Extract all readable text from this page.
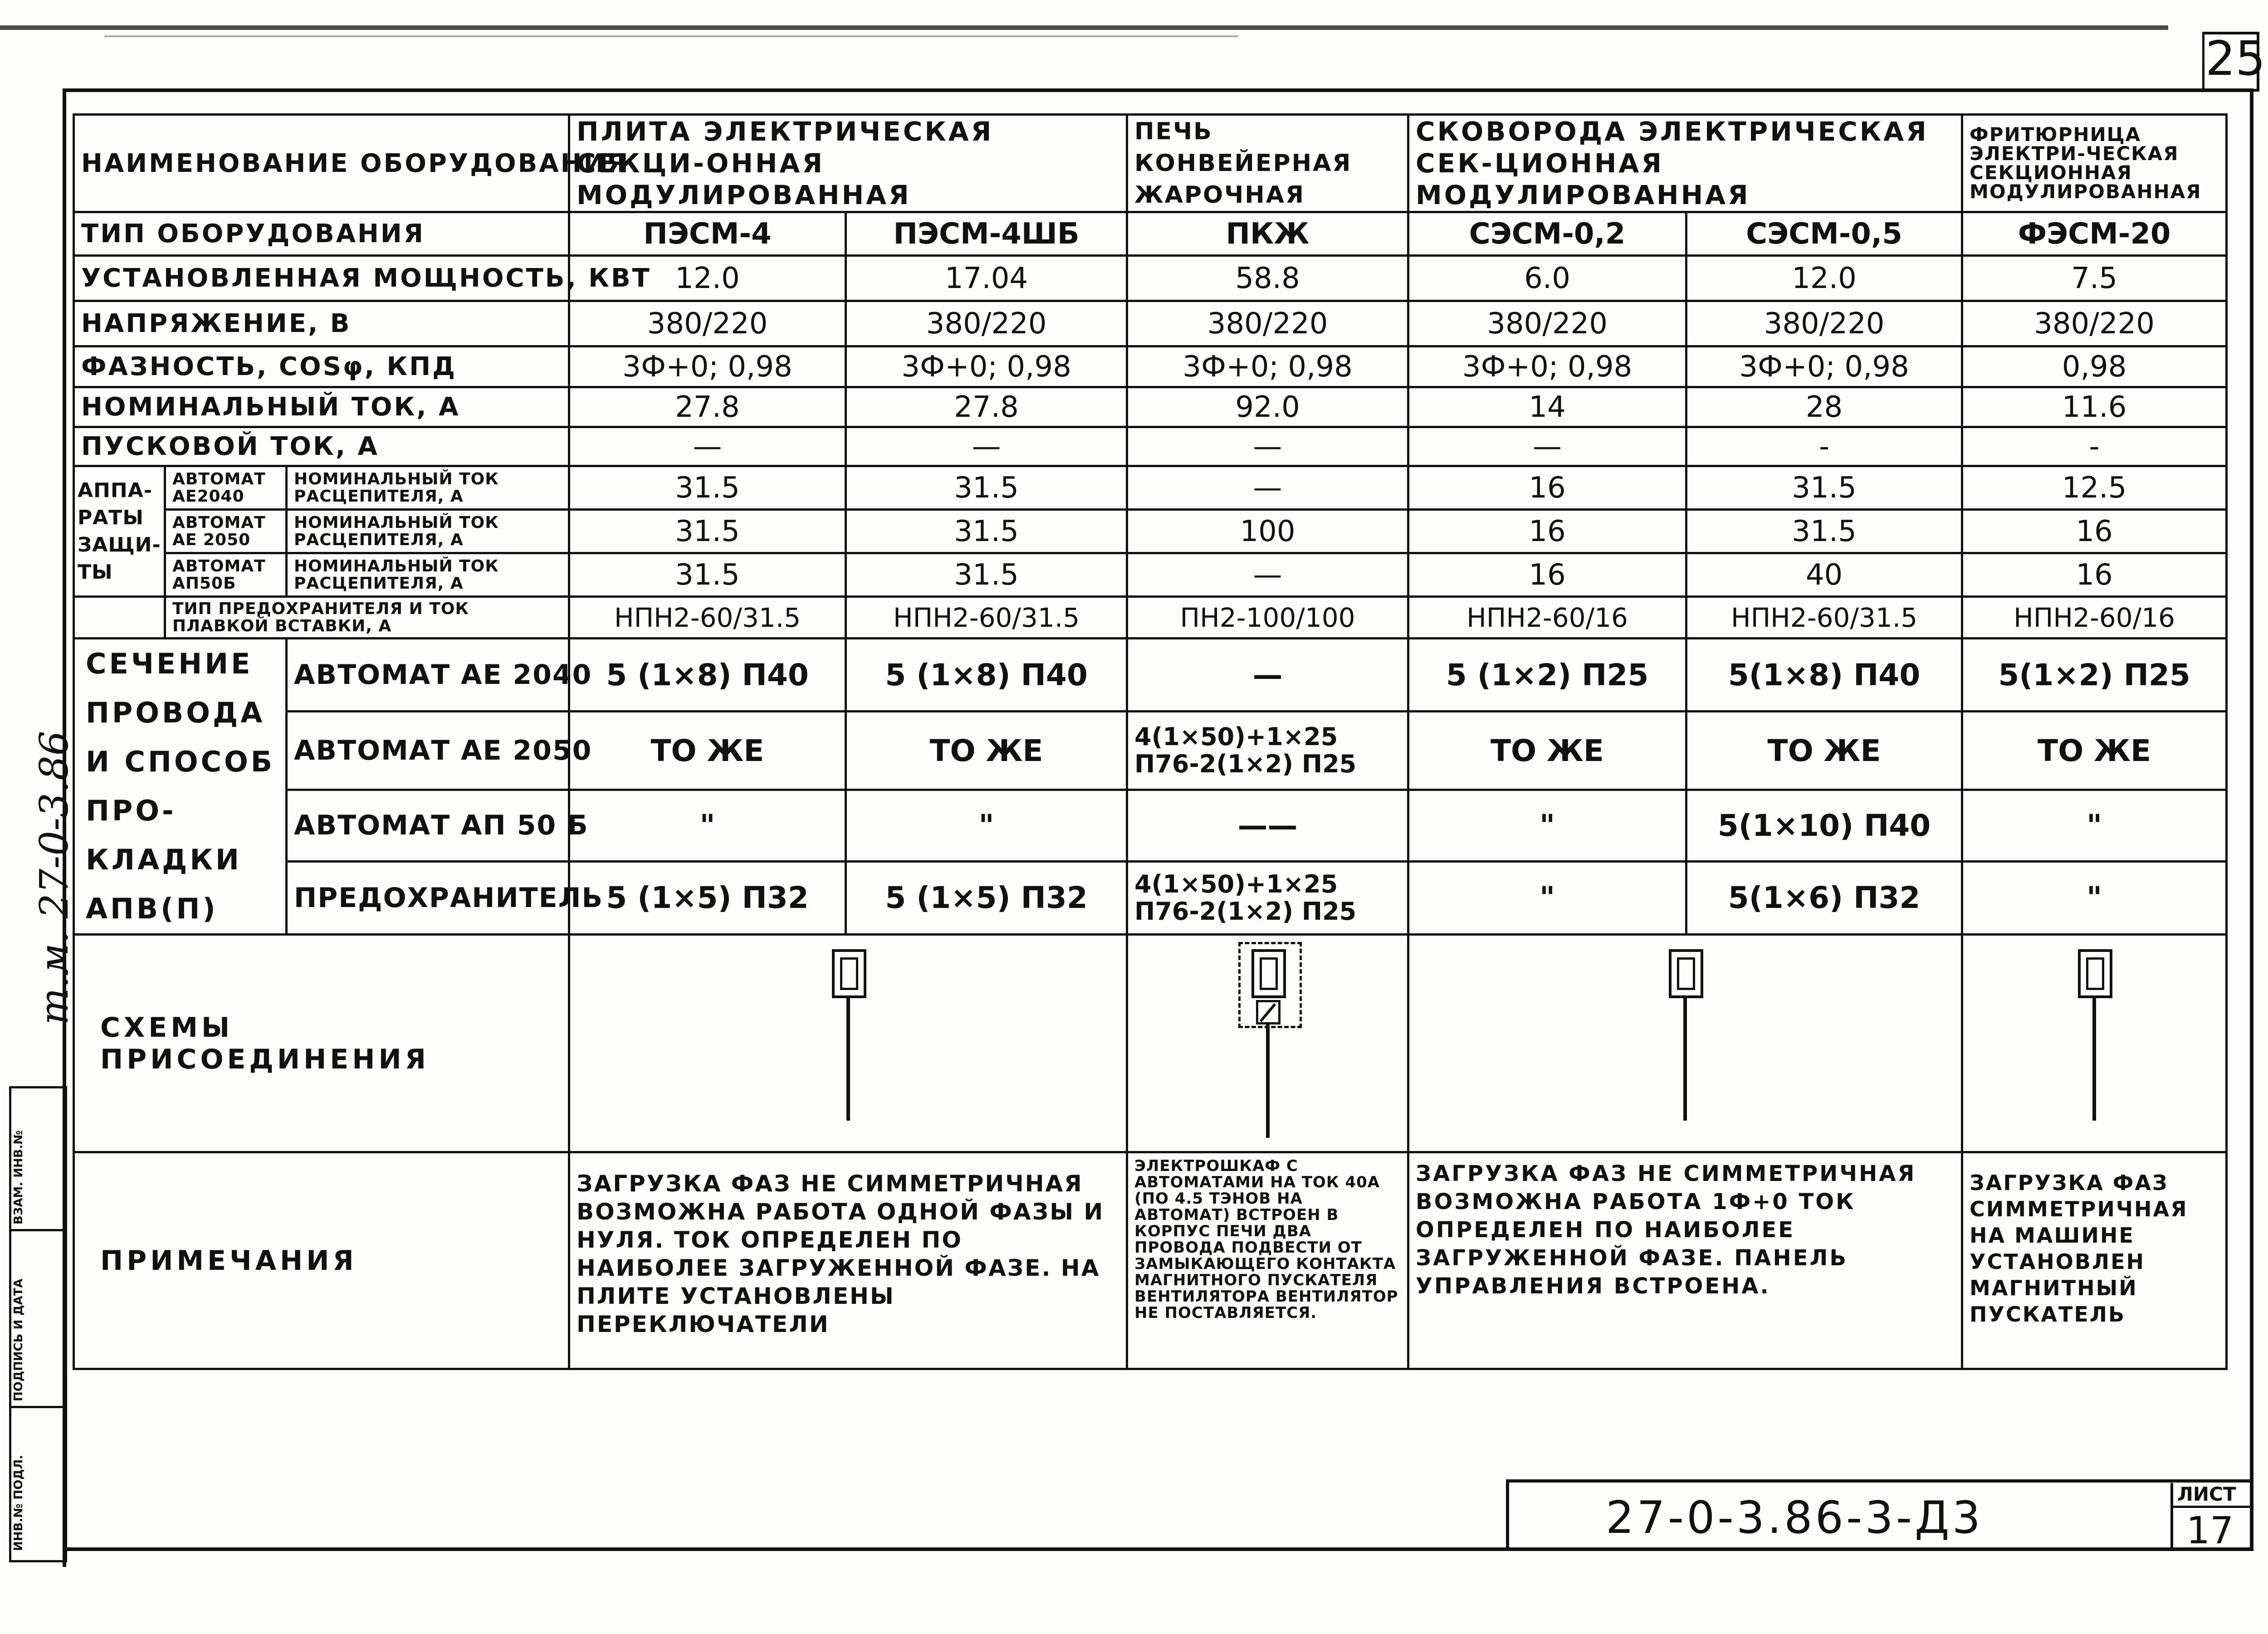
25
т.м. 27-0-3.86
ИНВ.№ ПОДЛ.
ПОДПИСЬ И ДАТА
ВЗАМ. ИНВ.№
НАИМЕНОВАНИЕ ОБОРУДОВАНИЯ			ПЛИТА ЭЛЕКТРИЧЕСКАЯ СЕКЦИ-ОННАЯ МОДУЛИРОВАННАЯ		ПЕЧЬ КОНВЕЙЕРНАЯ ЖАРОЧНАЯ	СКОВОРОДА ЭЛЕКТРИЧЕСКАЯ СЕК-ЦИОННАЯ МОДУЛИРОВАННАЯ		ФРИТЮРНИЦА ЭЛЕКТРИ-ЧЕСКАЯ СЕКЦИОННАЯ МОДУЛИРОВАННАЯ
ТИП ОБОРУДОВАНИЯ			ПЭСМ-4	ПЭСМ-4ШБ	ПКЖ	СЭСМ-0,2	СЭСМ-0,5	ФЭСМ-20
УСТАНОВЛЕННАЯ МОЩНОСТЬ, КВТ			12.0	17.04	58.8	6.0	12.0	7.5
НАПРЯЖЕНИЕ, В			380/220	380/220	380/220	380/220	380/220	380/220
ФАЗНОСТЬ, COSφ, КПД			3Ф+0; 0,98	3Ф+0; 0,98	3Ф+0; 0,98	3Ф+0; 0,98	3Ф+0; 0,98	0,98
НОМИНАЛЬНЫЙ ТОК, А			27.8	27.8	92.0	14	28	11.6
ПУСКОВОЙ ТОК, А			—	—	—	—	-	-
АППА-РАТЫ ЗАЩИ-ТЫ	АВТОМАТ АЕ2040	НОМИНАЛЬНЫЙ ТОК РАСЦЕПИТЕЛЯ, А	31.5	31.5	—	16	31.5	12.5
	АВТОМАТ АЕ 2050	НОМИНАЛЬНЫЙ ТОК РАСЦЕПИТЕЛЯ, А	31.5	31.5	100	16	31.5	16
	АВТОМАТ АП50Б	НОМИНАЛЬНЫЙ ТОК РАСЦЕПИТЕЛЯ, А	31.5	31.5	—	16	40	16
	ТИП ПРЕДОХРАНИТЕЛЯ И ТОК ПЛАВКОЙ ВСТАВКИ, А		НПН2-60/31.5	НПН2-60/31.5	ПН2-100/100	НПН2-60/16	НПН2-60/31.5	НПН2-60/16
СЕЧЕНИЕ ПРОВОДА И СПОСОБ ПРО-КЛАДКИ АПВ(П)		АВТОМАТ АЕ 2040	5 (1×8) П40	5 (1×8) П40	—	5 (1×2) П25	5(1×8) П40	5(1×2) П25
		АВТОМАТ АЕ 2050	ТО ЖЕ	ТО ЖЕ	4(1×50)+1×25 П76-2(1×2) П25	ТО ЖЕ	ТО ЖЕ	ТО ЖЕ
		АВТОМАТ АП 50 Б	"	"	——	"	5(1×10) П40	"
		ПРЕДОХРАНИТЕЛЬ	5 (1×5) П32	5 (1×5) П32	4(1×50)+1×25 П76-2(1×2) П25	"	5(1×6) П32	"
СХЕМЫ ПРИСОЕДИНЕНИЯ					

ПРИМЕЧАНИЯ			ЗАГРУЗКА ФАЗ НЕ СИММЕТРИЧНАЯ ВОЗМОЖНА РАБОТА ОДНОЙ ФАЗЫ И НУЛЯ. ТОК ОПРЕДЕЛЕН ПО НАИБОЛЕЕ ЗАГРУЖЕННОЙ ФАЗЕ. НА ПЛИТЕ УСТАНОВЛЕНЫ ПЕРЕКЛЮЧАТЕЛИ		ЭЛЕКТРОШКАФ С АВТОМАТАМИ НА ТОК 40А (ПО 4.5 ТЭНОВ НА АВТОМАТ) ВСТРОЕН В КОРПУС ПЕЧИ ДВА ПРОВОДА ПОДВЕСТИ ОТ ЗАМЫКАЮЩЕГО КОНТАКТА МАГНИТНОГО ПУСКАТЕЛЯ ВЕНТИЛЯТОРА ВЕНТИЛЯТОР НЕ ПОСТАВЛЯЕТСЯ.	ЗАГРУЗКА ФАЗ НЕ СИММЕТРИЧНАЯ ВОЗМОЖНА РАБОТА 1Ф+0 ТОК ОПРЕДЕЛЕН ПО НАИБОЛЕЕ ЗАГРУЖЕННОЙ ФАЗЕ. ПАНЕЛЬ УПРАВЛЕНИЯ ВСТРОЕНА.		ЗАГРУЗКА ФАЗ СИММЕТРИЧНАЯ НА МАШИНЕ УСТАНОВЛЕН МАГНИТНЫЙ ПУСКАТЕЛЬ
27-0-3.86-3-Д3	ЛИСТ
17
